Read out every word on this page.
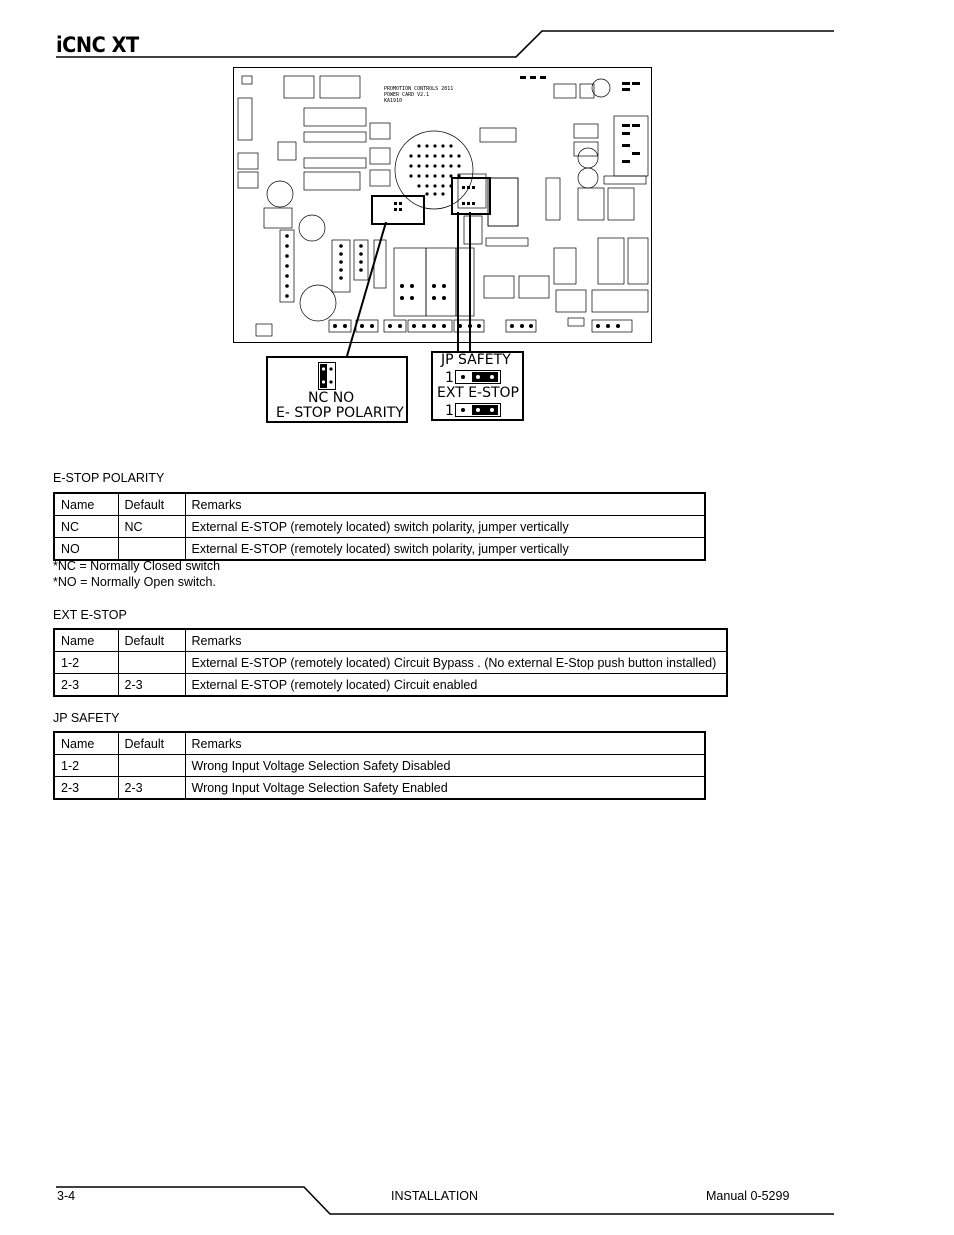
iCNC XT
PROMOTION CONTROLS 2011
POWER CARD V2.1
KA1910
NC NO
E- STOP POLARITY
JP SAFETY
1
EXT E-STOP
1
E-STOP POLARITY
Name	Default	Remarks
NC	NC	External E-STOP (remotely located) switch polarity, jumper vertically
NO		External E-STOP (remotely located) switch polarity, jumper vertically
*NC = Normally Closed switch
*NO = Normally Open switch.
EXT E-STOP
Name	Default	Remarks
1-2		External E-STOP (remotely located) Circuit Bypass . (No external E-Stop push button installed)
2-3	2-3	External E-STOP (remotely located) Circuit enabled
JP SAFETY
Name	Default	Remarks
1-2		Wrong Input Voltage Selection Safety Disabled
2-3	2-3	Wrong Input Voltage Selection Safety Enabled
3-4	INSTALLATION	Manual 0-5299
